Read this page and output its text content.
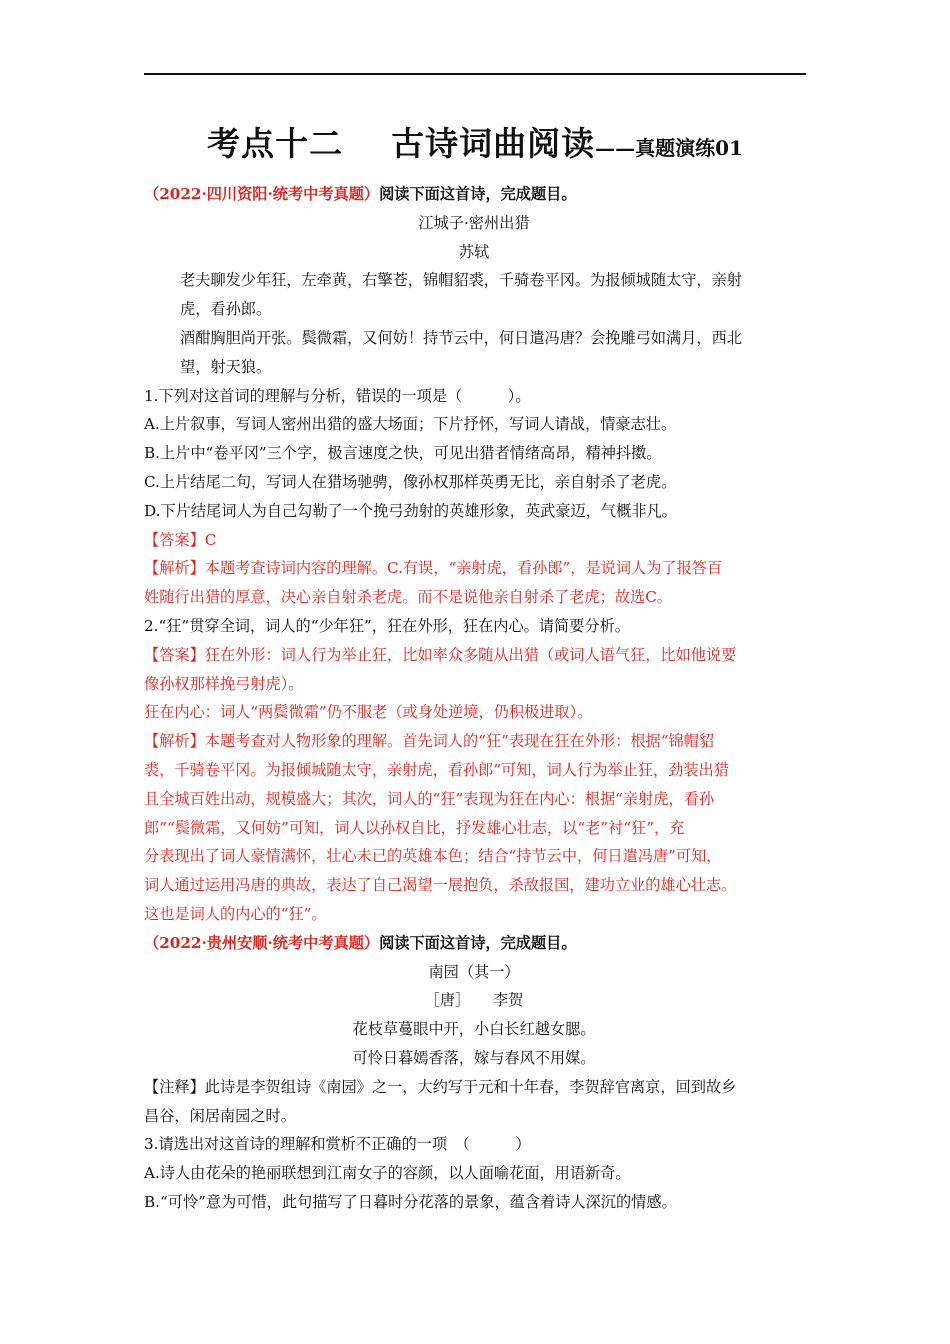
考点十二 古诗词曲阅读——真题演练01

（2022·四川资阳·统考中考真题）阅读下面这首诗，完成题目。

江城子·密州出猎

苏轼

老夫聊发少年狂，左牵黄，右擎苍，锦帽貂裘，千骑卷平冈。为报倾城随太守，亲射

虎，看孙郎。

酒酣胸胆尚开张。鬓微霜，又何妨！持节云中，何日遣冯唐？会挽雕弓如满月，西北

望，射天狼。

1.下列对这首词的理解与分析，错误的一项是（　　　）。

A.上片叙事，写词人密州出猎的盛大场面；下片抒怀，写词人请战，情豪志壮。

B.上片中“卷平冈”三个字，极言速度之快，可见出猎者情绪高昂，精神抖擞。

C.上片结尾二句，写词人在猎场驰骋，像孙权那样英勇无比，亲自射杀了老虎。

D.下片结尾词人为自己勾勒了一个挽弓劲射的英雄形象，英武豪迈，气概非凡。

【答案】C

【解析】本题考查诗词内容的理解。C.有误，“亲射虎，看孙郎”，是说词人为了报答百

姓随行出猎的厚意，决心亲自射杀老虎。而不是说他亲自射杀了老虎；故选C。

2.“狂”贯穿全词，词人的“少年狂”，狂在外形，狂在内心。请简要分析。

【答案】狂在外形：词人行为举止狂，比如率众多随从出猎（或词人语气狂，比如他说要

像孙权那样挽弓射虎）。

狂在内心：词人“两鬓微霜”仍不服老（或身处逆境，仍积极进取）。

【解析】本题考查对人物形象的理解。首先词人的“狂”表现在狂在外形：根据“锦帽貂

裘，千骑卷平冈。为报倾城随太守，亲射虎，看孙郎”可知，词人行为举止狂，劲装出猎

且全城百姓出动，规模盛大；其次，词人的“狂”表现为狂在内心：根据“亲射虎，看孙

郎”“鬓微霜，又何妨”可知，词人以孙权自比，抒发雄心壮志，以“老”衬“狂”，充

分表现出了词人豪情满怀，壮心未已的英雄本色；结合“持节云中，何日遣冯唐”可知，

词人通过运用冯唐的典故，表达了自己渴望一展抱负，杀敌报国，建功立业的雄心壮志。

这也是词人的内心的“狂”。

（2022·贵州安顺·统考中考真题）阅读下面这首诗，完成题目。

南园（其一）

［唐］　　李贺

花枝草蔓眼中开，小白长红越女腮。

可怜日暮嫣香落，嫁与春风不用媒。

【注释】此诗是李贺组诗《南园》之一，大约写于元和十年春，李贺辞官离京，回到故乡

昌谷，闲居南园之时。

3.请选出对这首诗的理解和赏析不正确的一项　（　　　）

A.诗人由花朵的艳丽联想到江南女子的容颜，以人面喻花面，用语新奇。

B.“可怜”意为可惜，此句描写了日暮时分花落的景象，蕴含着诗人深沉的情感。
